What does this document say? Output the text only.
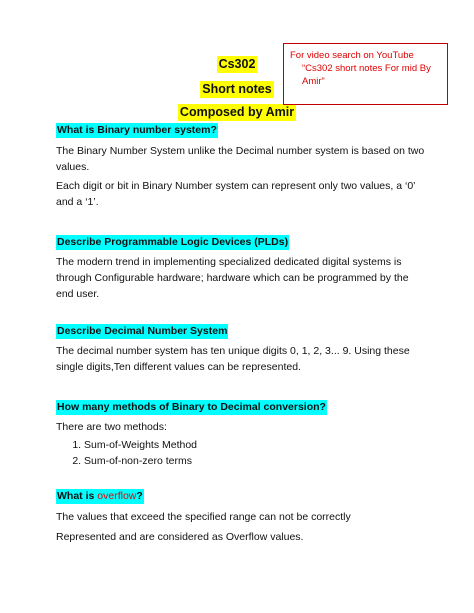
Cs302
Short notes
Composed by Amir
For video search on YouTube
“Cs302 short notes For mid By Amir”
What is Binary number system?
The Binary Number System unlike the Decimal number system is based on two values.
Each digit or bit in Binary Number system can represent only two values, a ‘0’ and a ‘1’.
Describe Programmable Logic Devices (PLDs)
The modern trend in implementing specialized dedicated digital systems is through Configurable hardware; hardware which can be programmed by the end user.
Describe Decimal Number System
The decimal number system has ten unique digits 0, 1, 2, 3... 9. Using these single digits,Ten different values can be represented.
How many methods of Binary to Decimal conversion?
There are two methods:
1. Sum-of-Weights Method
2. Sum-of-non-zero terms
What is overflow?
The values that exceed the specified range can not be correctly
Represented and are considered as Overflow values.
